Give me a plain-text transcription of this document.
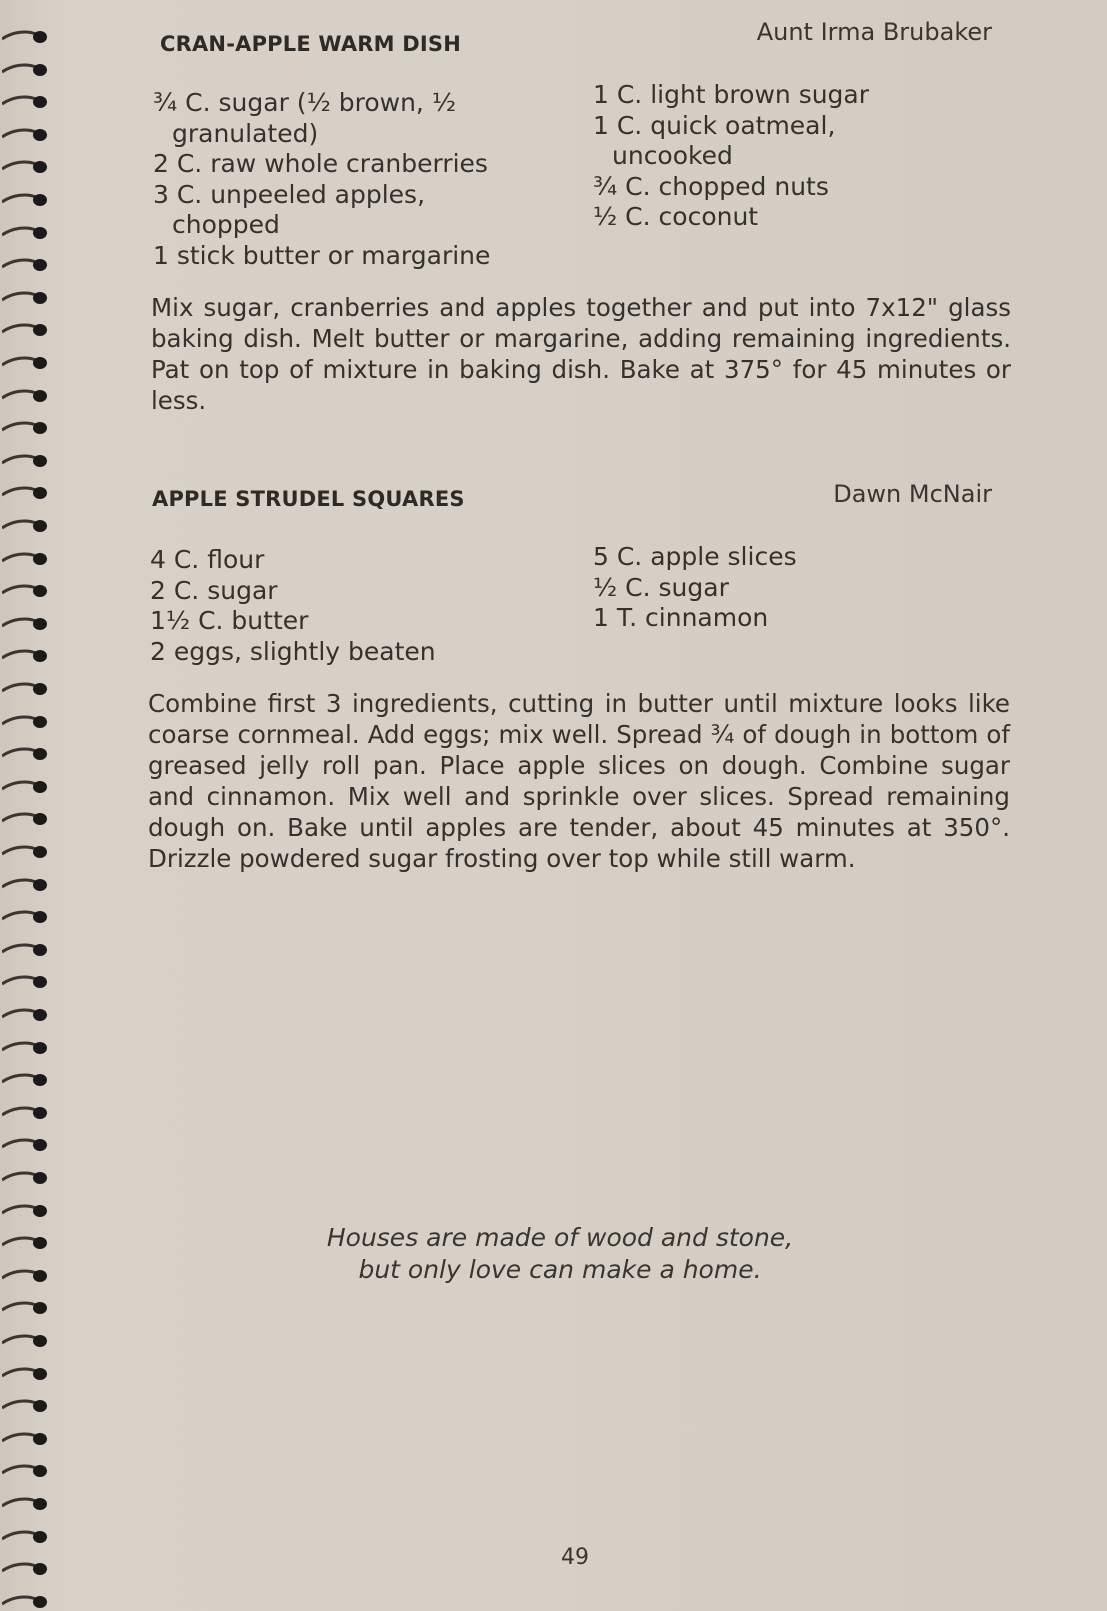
CRAN-APPLE WARM DISH	Aunt Irma Brubaker
¾ C. sugar (½ brown, ½ granulated)
2 C. raw whole cranberries
3 C. unpeeled apples, chopped
1 stick butter or margarine
1 C. light brown sugar
1 C. quick oatmeal, uncooked
¾ C. chopped nuts
½ C. coconut

Mix sugar, cranberries and apples together and put into 7x12" glass baking dish. Melt butter or margarine, adding remaining ingredients. Pat on top of mixture in baking dish. Bake at 375° for 45 minutes or less.

APPLE STRUDEL SQUARES	Dawn McNair
4 C. flour
2 C. sugar
1½ C. butter
2 eggs, slightly beaten
5 C. apple slices
½ C. sugar
1 T. cinnamon

Combine first 3 ingredients, cutting in butter until mixture looks like coarse cornmeal. Add eggs; mix well. Spread ¾ of dough in bottom of greased jelly roll pan. Place apple slices on dough. Combine sugar and cinnamon. Mix well and sprinkle over slices. Spread remaining dough on. Bake until apples are tender, about 45 minutes at 350°. Drizzle powdered sugar frosting over top while still warm.

Houses are made of wood and stone,
but only love can make a home.
49
